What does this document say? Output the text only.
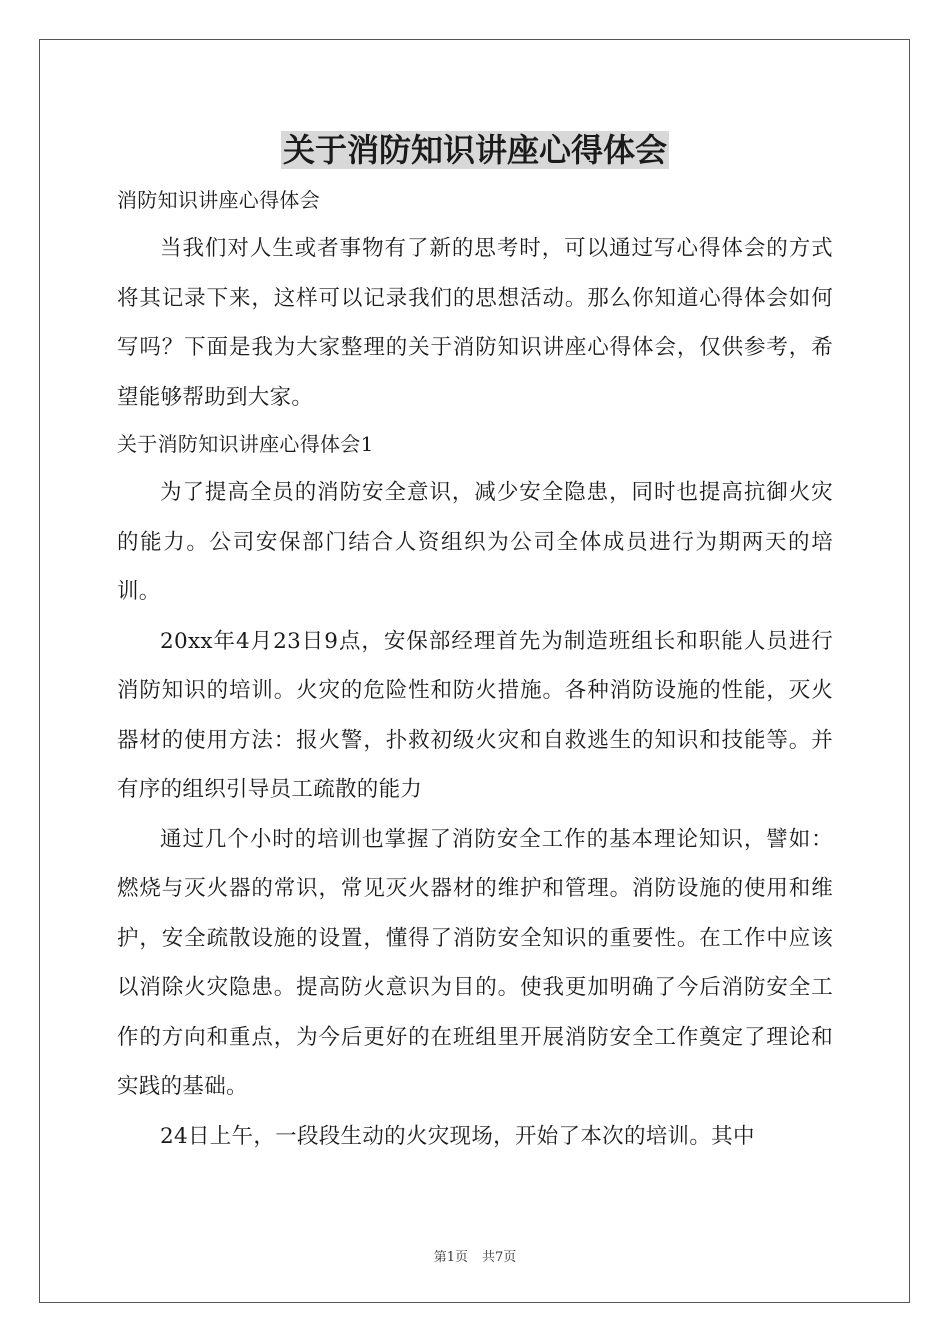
关于消防知识讲座心得体会

消防知识讲座心得体会

当我们对人生或者事物有了新的思考时，可以通过写心得体会的方式将其记录下来，这样可以记录我们的思想活动。那么你知道心得体会如何写吗？下面是我为大家整理的关于消防知识讲座心得体会，仅供参考，希望能够帮助到大家。

关于消防知识讲座心得体会1

为了提高全员的消防安全意识，减少安全隐患，同时也提高抗御火灾的能力。公司安保部门结合人资组织为公司全体成员进行为期两天的培训。

20xx年4月23日9点，安保部经理首先为制造班组长和职能人员进行消防知识的培训。火灾的危险性和防火措施。各种消防设施的性能，灭火器材的使用方法：报火警，扑救初级火灾和自救逃生的知识和技能等。并有序的组织引导员工疏散的能力

通过几个小时的培训也掌握了消防安全工作的基本理论知识，譬如：燃烧与灭火器的常识，常见灭火器材的维护和管理。消防设施的使用和维护，安全疏散设施的设置，懂得了消防安全知识的重要性。在工作中应该以消除火灾隐患。提高防火意识为目的。使我更加明确了今后消防安全工作的方向和重点，为今后更好的在班组里开展消防安全工作奠定了理论和实践的基础。

24日上午，一段段生动的火灾现场，开始了本次的培训。其中

第1页 共7页
